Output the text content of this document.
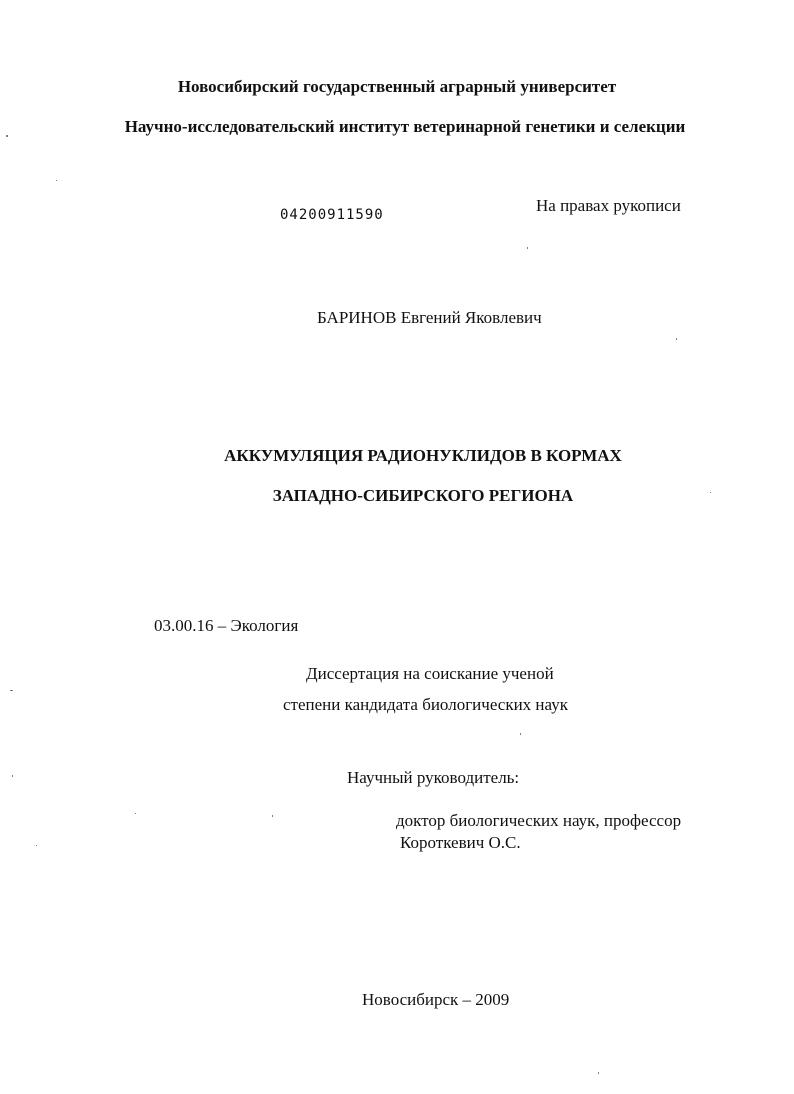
Новосибирский государственный аграрный университет
Научно-исследовательский институт ветеринарной генетики и селекции
04200911590	На правах рукописи
БАРИНОВ Евгений Яковлевич
АККУМУЛЯЦИЯ РАДИОНУКЛИДОВ В КОРМАХ
ЗАПАДНО-СИБИРСКОГО РЕГИОНА
03.00.16 – Экология
Диссертация на соискание ученой
степени кандидата биологических наук
Научный руководитель:
доктор биологических наук, профессор
Короткевич О.С.
Новосибирск – 2009
